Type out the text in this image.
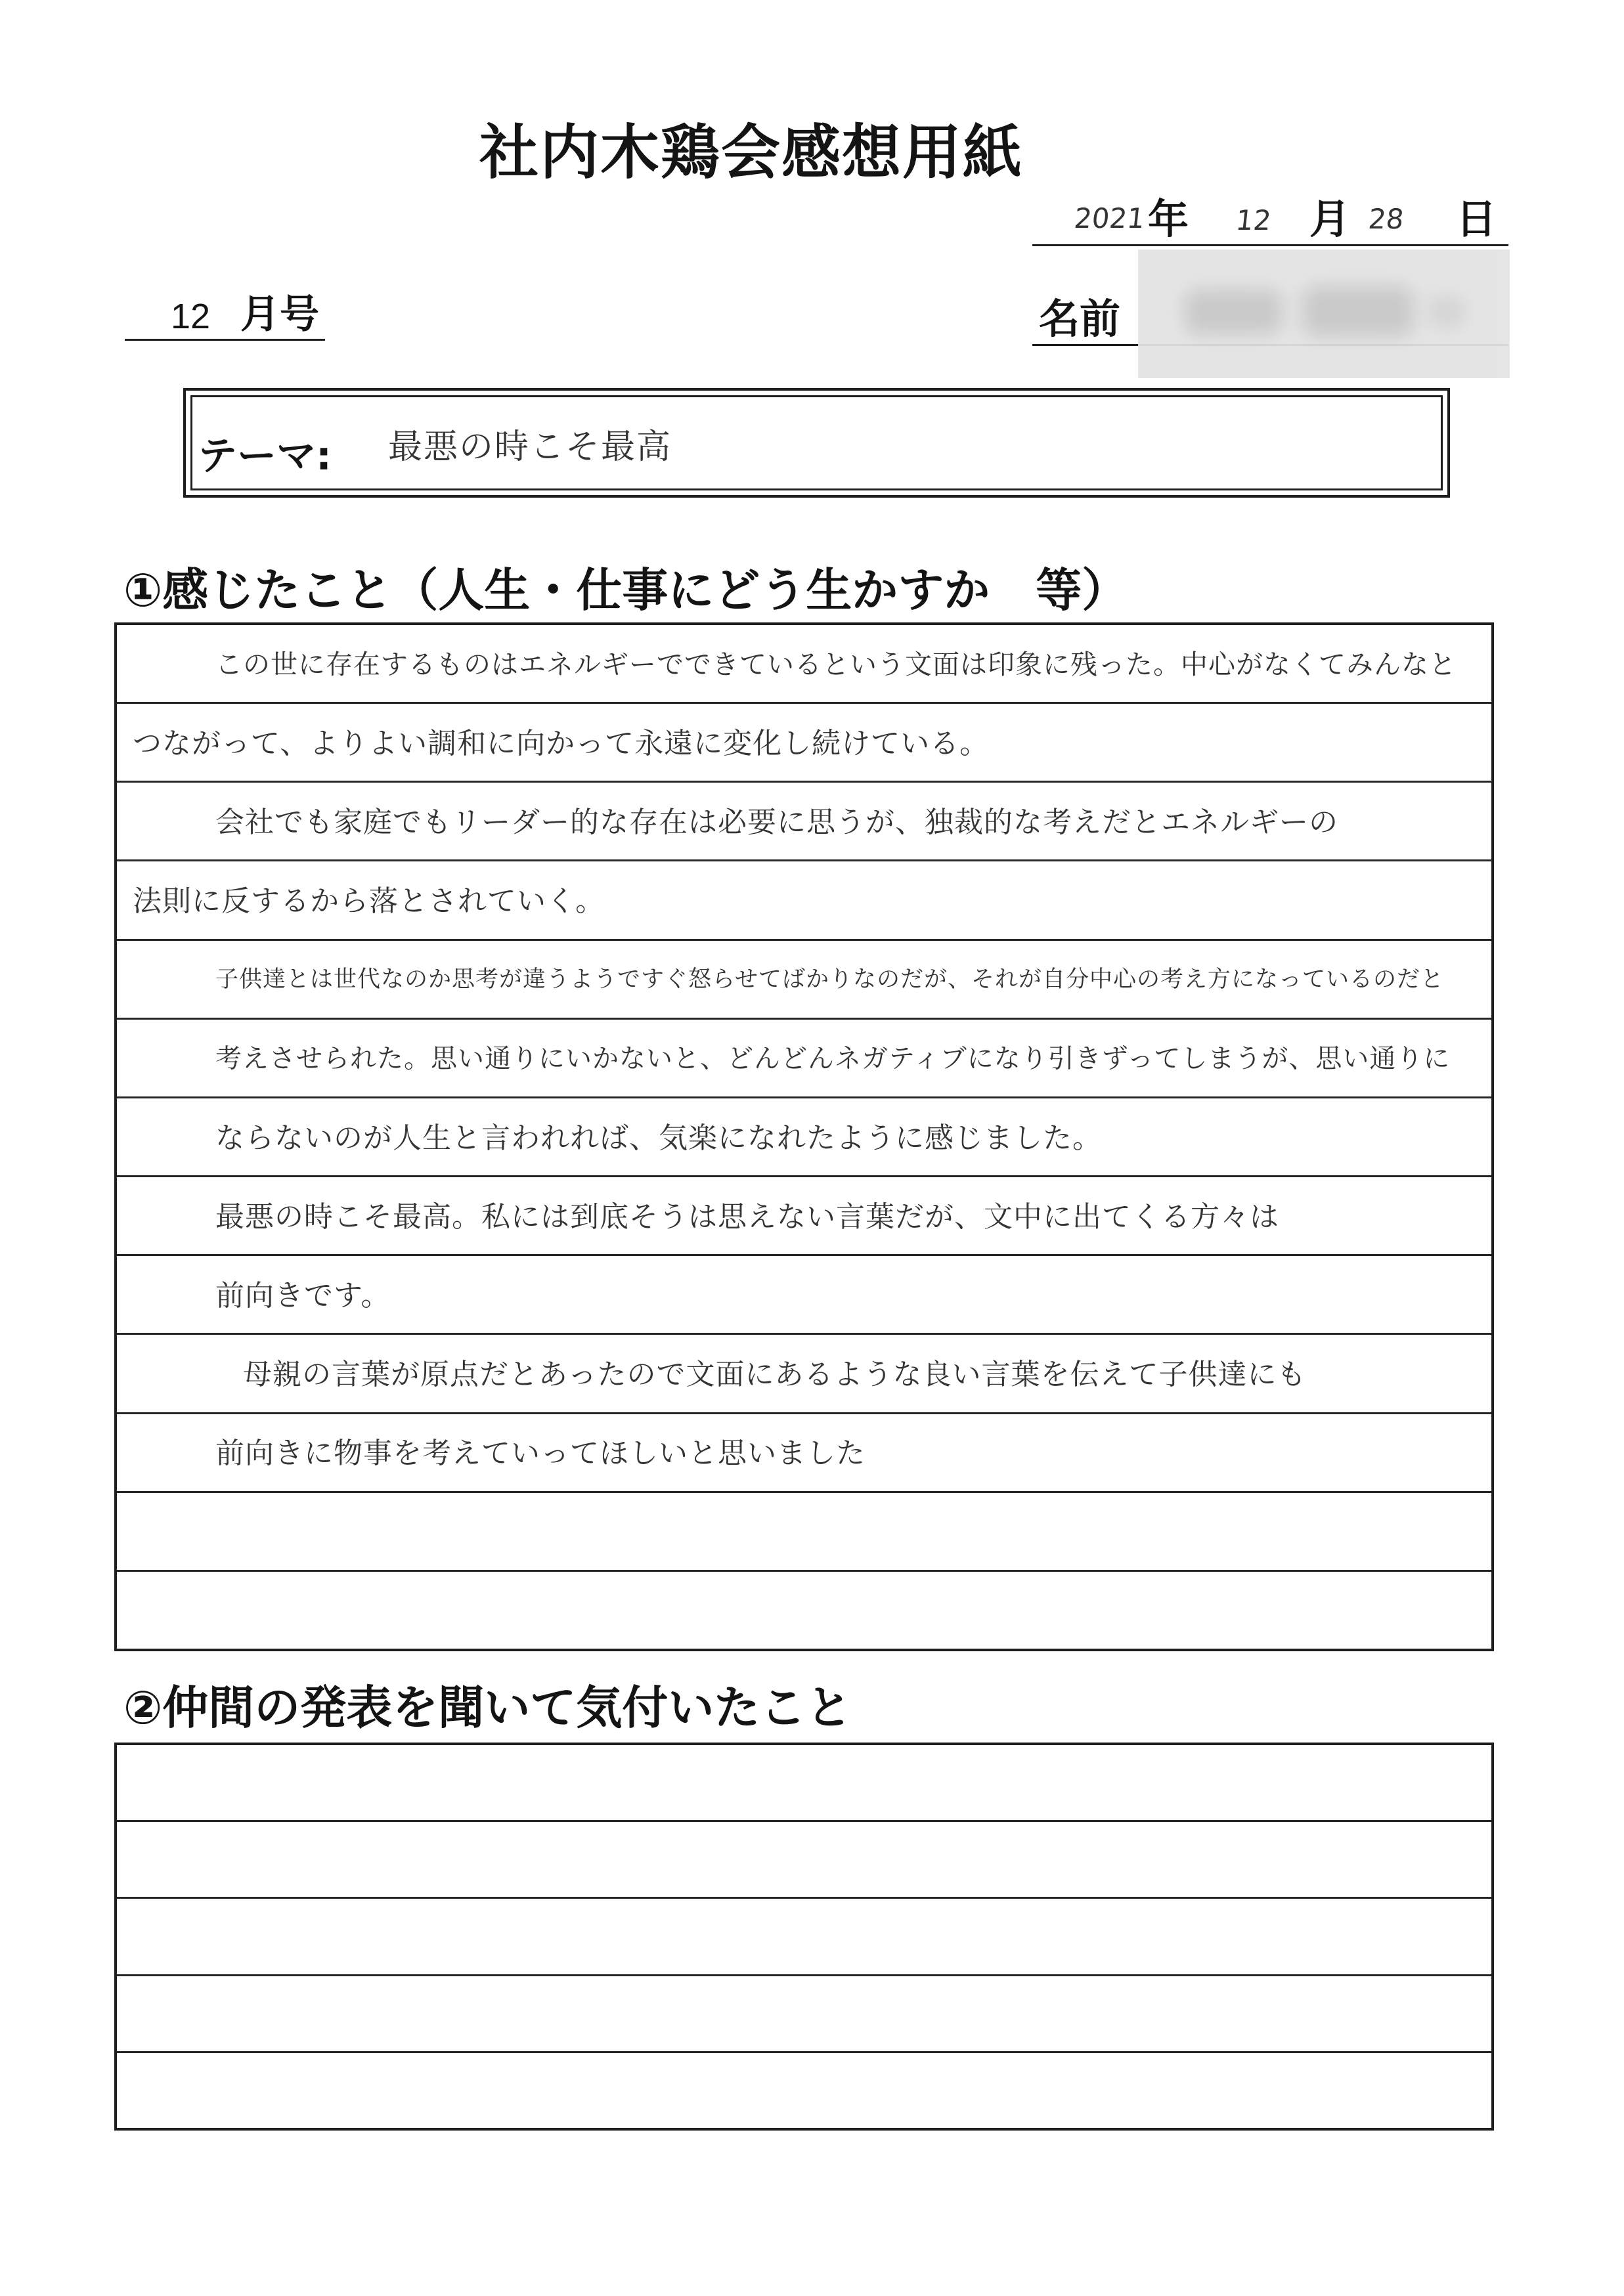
社内木鶏会感想用紙
2021 年 12 月 28 日
12 月号	名前
テーマ: 最悪の時こそ最高
①感じたこと（人生・仕事にどう生かすか　等）
この世に存在するものはエネルギーでできているという文面は印象に残った。中心がなくてみんなと
つながって、よりよい調和に向かって永遠に変化し続けている。
会社でも家庭でもリーダー的な存在は必要に思うが、独裁的な考えだとエネルギーの
法則に反するから落とされていく。
子供達とは世代なのか思考が違うようですぐ怒らせてばかりなのだが、それが自分中心の考え方になっているのだと
考えさせられた。思い通りにいかないと、どんどんネガティブになり引きずってしまうが、思い通りに
ならないのが人生と言われれば、気楽になれたように感じました。
最悪の時こそ最高。私には到底そうは思えない言葉だが、文中に出てくる方々は
前向きです。
母親の言葉が原点だとあったので文面にあるような良い言葉を伝えて子供達にも
前向きに物事を考えていってほしいと思いました
②仲間の発表を聞いて気付いたこと
